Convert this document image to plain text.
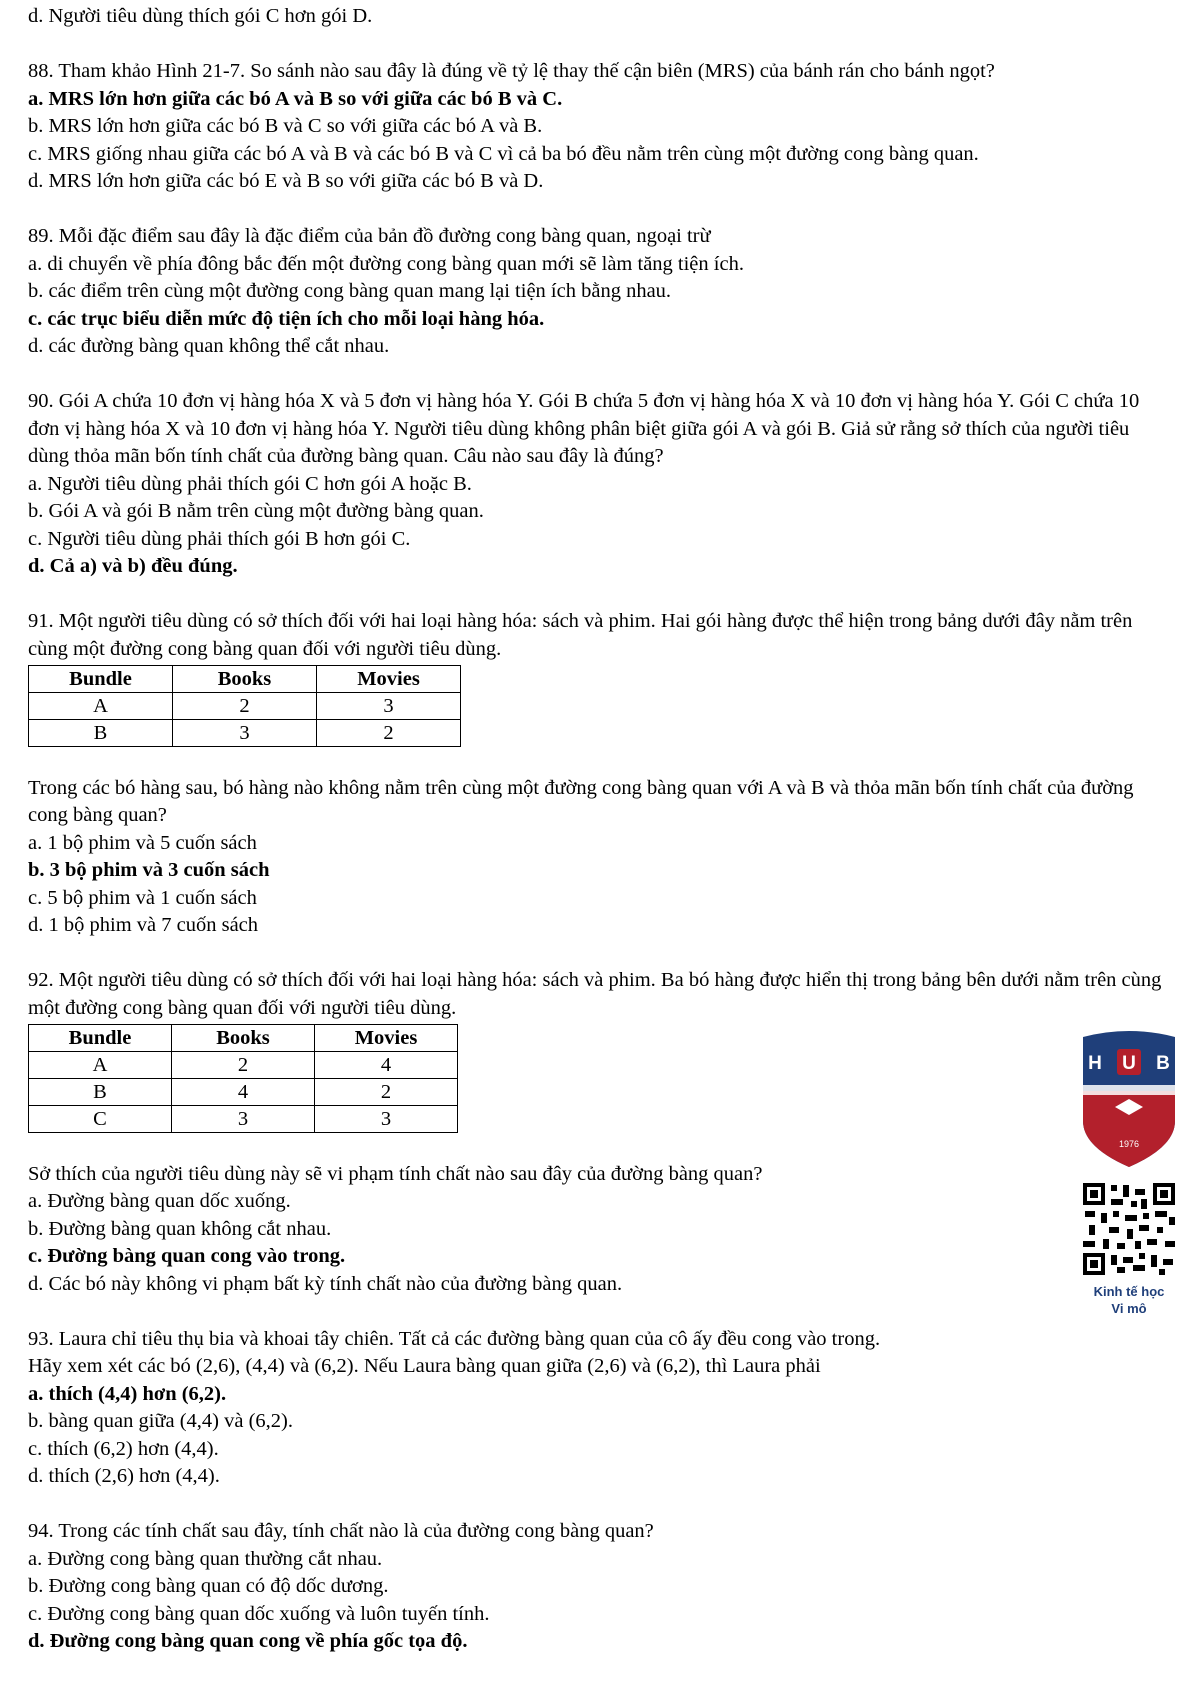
d. Người tiêu dùng thích gói C hơn gói D.
88. Tham khảo Hình 21-7. So sánh nào sau đây là đúng về tỷ lệ thay thế cận biên (MRS) của bánh rán cho bánh ngọt?
a. MRS lớn hơn giữa các bó A và B so với giữa các bó B và C.
b. MRS lớn hơn giữa các bó B và C so với giữa các bó A và B.
c. MRS giống nhau giữa các bó A và B và các bó B và C vì cả ba bó đều nằm trên cùng một đường cong bàng quan.
d. MRS lớn hơn giữa các bó E và B so với giữa các bó B và D.
89. Mỗi đặc điểm sau đây là đặc điểm của bản đồ đường cong bàng quan, ngoại trừ
a. di chuyển về phía đông bắc đến một đường cong bàng quan mới sẽ làm tăng tiện ích.
b. các điểm trên cùng một đường cong bàng quan mang lại tiện ích bằng nhau.
c. các trục biểu diễn mức độ tiện ích cho mỗi loại hàng hóa.
d. các đường bàng quan không thể cắt nhau.
90. Gói A chứa 10 đơn vị hàng hóa X và 5 đơn vị hàng hóa Y. Gói B chứa 5 đơn vị hàng hóa X và 10 đơn vị hàng hóa Y. Gói C chứa 10 đơn vị hàng hóa X và 10 đơn vị hàng hóa Y. Người tiêu dùng không phân biệt giữa gói A và gói B. Giả sử rằng sở thích của người tiêu dùng thỏa mãn bốn tính chất của đường bàng quan. Câu nào sau đây là đúng?
a. Người tiêu dùng phải thích gói C hơn gói A hoặc B.
b. Gói A và gói B nằm trên cùng một đường bàng quan.
c. Người tiêu dùng phải thích gói B hơn gói C.
d. Cả a) và b) đều đúng.
91. Một người tiêu dùng có sở thích đối với hai loại hàng hóa: sách và phim. Hai gói hàng được thể hiện trong bảng dưới đây nằm trên cùng một đường cong bàng quan đối với người tiêu dùng.
Bundle	Books	Movies
A	2	3
B	3	2
Trong các bó hàng sau, bó hàng nào không nằm trên cùng một đường cong bàng quan với A và B và thỏa mãn bốn tính chất của đường cong bàng quan?
a. 1 bộ phim và 5 cuốn sách
b. 3 bộ phim và 3 cuốn sách
c. 5 bộ phim và 1 cuốn sách
d. 1 bộ phim và 7 cuốn sách
92. Một người tiêu dùng có sở thích đối với hai loại hàng hóa: sách và phim. Ba bó hàng được hiển thị trong bảng bên dưới nằm trên cùng một đường cong bàng quan đối với người tiêu dùng.
Bundle	Books	Movies
A	2	4
B	4	2
C	3	3
Sở thích của người tiêu dùng này sẽ vi phạm tính chất nào sau đây của đường bàng quan?
a. Đường bàng quan dốc xuống.
b. Đường bàng quan không cắt nhau.
c. Đường bàng quan cong vào trong.
d. Các bó này không vi phạm bất kỳ tính chất nào của đường bàng quan.
93. Laura chỉ tiêu thụ bia và khoai tây chiên. Tất cả các đường bàng quan của cô ấy đều cong vào trong.
Hãy xem xét các bó (2,6), (4,4) và (6,2). Nếu Laura bàng quan giữa (2,6) và (6,2), thì Laura phải
a. thích (4,4) hơn (6,2).
b. bàng quan giữa (4,4) và (6,2).
c. thích (6,2) hơn (4,4).
d. thích (2,6) hơn (4,4).
94. Trong các tính chất sau đây, tính chất nào là của đường cong bàng quan?
a. Đường cong bàng quan thường cắt nhau.
b. Đường cong bàng quan có độ dốc dương.
c. Đường cong bàng quan dốc xuống và luôn tuyến tính.
d. Đường cong bàng quan cong về phía gốc tọa độ.
H U B
1976
Kinh tế học
Vi mô
